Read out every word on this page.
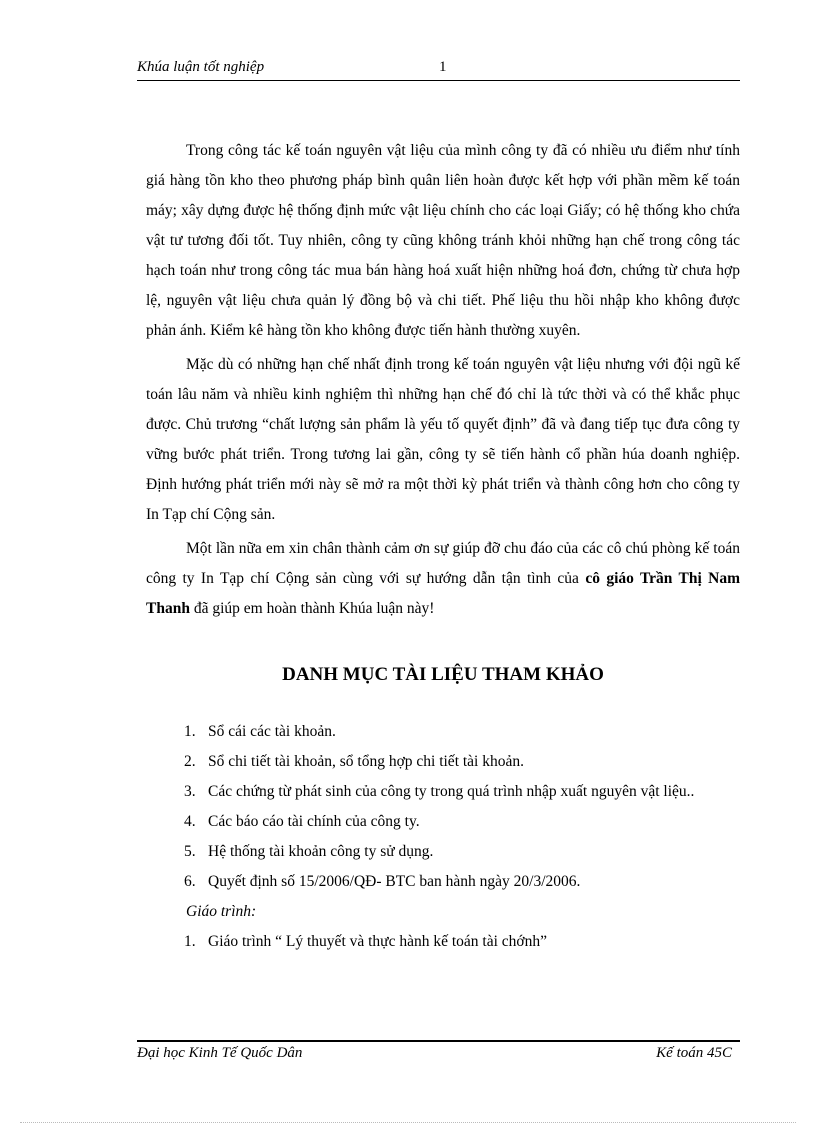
Khúa luận tốt nghiệp	1

Trong công tác kế toán nguyên vật liệu của mình công ty đã có nhiều ưu điểm như tính giá hàng tồn kho theo phương pháp bình quân liên hoàn được kết hợp với phần mềm kế toán máy; xây dựng được hệ thống định mức vật liệu chính cho các loại Giấy; có hệ thống kho chứa vật tư tương đối tốt. Tuy nhiên, công ty cũng không tránh khỏi những hạn chế trong công tác hạch toán như trong công tác mua bán hàng hoá xuất hiện những hoá đơn, chứng từ chưa hợp lệ, nguyên vật liệu chưa quản lý đồng bộ và chi tiết. Phế liệu thu hồi nhập kho không được phản ánh. Kiểm kê hàng tồn kho không được tiến hành thường xuyên.

Mặc dù có những hạn chế nhất định trong kế toán nguyên vật liệu nhưng với đội ngũ kế toán lâu năm và nhiều kinh nghiệm thì những hạn chế đó chỉ là tức thời và có thể khắc phục được. Chủ trương “chất lượng sản phẩm là yếu tố quyết định” đã và đang tiếp tục đưa công ty vững bước phát triển. Trong tương lai gần, công ty sẽ tiến hành cổ phần húa doanh nghiệp. Định hướng phát triển mới này sẽ mở ra một thời kỳ phát triển và thành công hơn cho công ty In Tạp chí Cộng sản.

Một lần nữa em xin chân thành cảm ơn sự giúp đỡ chu đáo của các cô chú phòng kế toán công ty In Tạp chí Cộng sản cùng với sự hướng dẫn tận tình của cô giáo Trần Thị Nam Thanh đã giúp em hoàn thành Khúa luận này!

DANH MỤC TÀI LIỆU THAM KHẢO
1. Sổ cái các tài khoản.
2. Sổ chi tiết tài khoản, sổ tổng hợp chi tiết tài khoản.
3. Các chứng từ phát sinh của công ty trong quá trình nhập xuất nguyên vật liệu..
4. Các báo cáo tài chính của công ty.
5. Hệ thống tài khoản công ty sử dụng.
6. Quyết định số 15/2006/QĐ- BTC ban hành ngày 20/3/2006.
Giáo trình:
1. Giáo trình “ Lý thuyết và thực hành kế toán tài chớnh”
Đại học Kinh Tế Quốc Dân	Kế toán 45C
